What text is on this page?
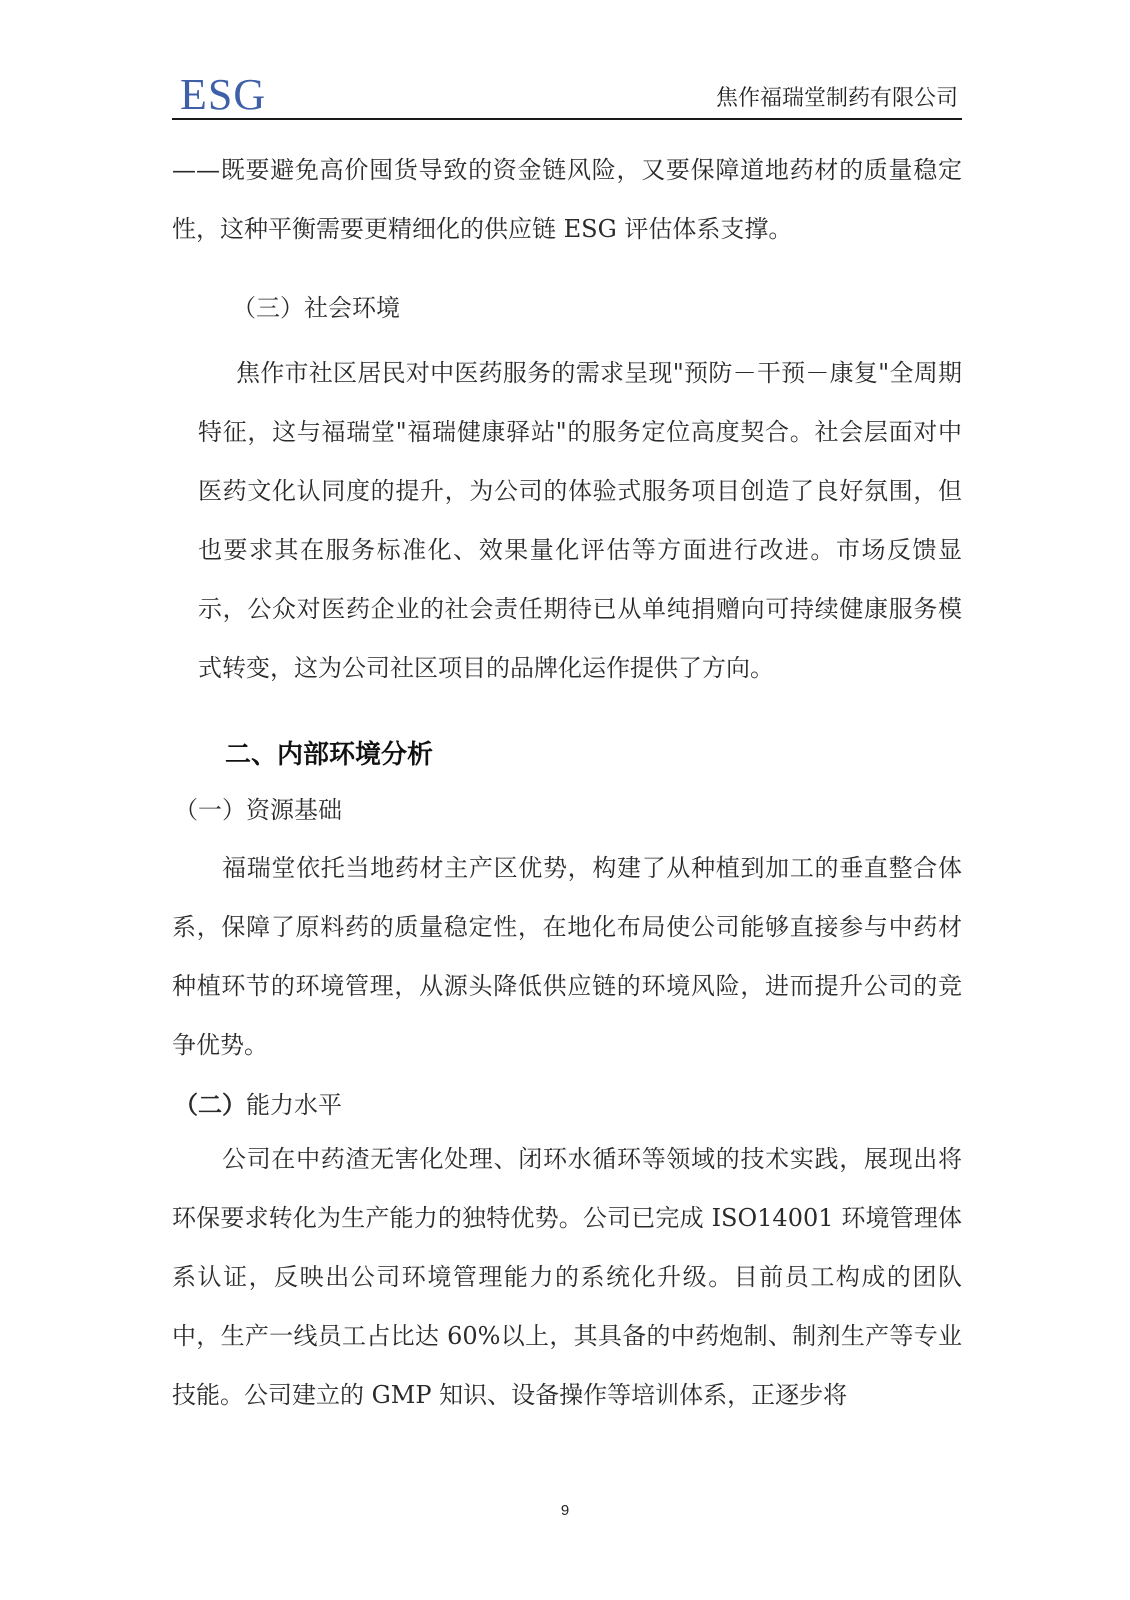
ESG	焦作福瑞堂制药有限公司

——既要避免高价囤货导致的资金链风险，又要保障道地药材的质量稳定性，这种平衡需要更精细化的供应链 ESG 评估体系支撑。

（三）社会环境

焦作市社区居民对中医药服务的需求呈现"预防－干预－康复"全周期特征，这与福瑞堂"福瑞健康驿站"的服务定位高度契合。社会层面对中医药文化认同度的提升，为公司的体验式服务项目创造了良好氛围，但也要求其在服务标准化、效果量化评估等方面进行改进。市场反馈显示，公众对医药企业的社会责任期待已从单纯捐赠向可持续健康服务模式转变，这为公司社区项目的品牌化运作提供了方向。

二、内部环境分析
（一）资源基础

福瑞堂依托当地药材主产区优势，构建了从种植到加工的垂直整合体系，保障了原料药的质量稳定性，在地化布局使公司能够直接参与中药材种植环节的环境管理，从源头降低供应链的环境风险，进而提升公司的竞争优势。

（二）能力水平

公司在中药渣无害化处理、闭环水循环等领域的技术实践，展现出将环保要求转化为生产能力的独特优势。公司已完成 ISO14001 环境管理体系认证，反映出公司环境管理能力的系统化升级。目前员工构成的团队中，生产一线员工占比达 60%以上，其具备的中药炮制、制剂生产等专业技能。公司建立的 GMP 知识、设备操作等培训体系，正逐步将

9
